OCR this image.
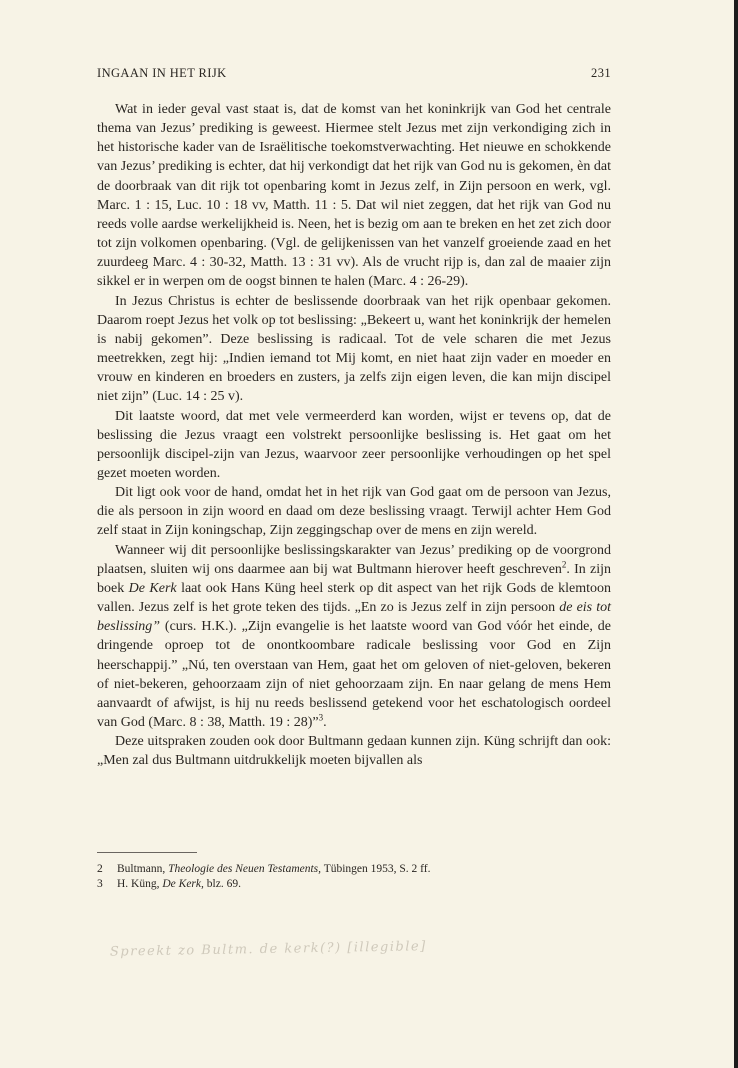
INGAAN IN HET RIJK	231

Wat in ieder geval vast staat is, dat de komst van het koninkrijk van God het centrale thema van Jezus’ prediking is geweest. Hiermee stelt Jezus met zijn verkondiging zich in het historische kader van de Israëlitische toekomstverwachting. Het nieuwe en schokkende van Jezus’ prediking is echter, dat hij verkondigt dat het rijk van God nu is gekomen, èn dat de doorbraak van dit rijk tot openbaring komt in Jezus zelf, in Zijn persoon en werk, vgl. Marc. 1 : 15, Luc. 10 : 18 vv, Matth. 11 : 5. Dat wil niet zeggen, dat het rijk van God nu reeds volle aardse werkelijkheid is. Neen, het is bezig om aan te breken en het zet zich door tot zijn volkomen openbaring. (Vgl. de gelijkenissen van het vanzelf groeiende zaad en het zuurdeeg Marc. 4 : 30-32, Matth. 13 : 31 vv). Als de vrucht rijp is, dan zal de maaier zijn sikkel er in werpen om de oogst binnen te halen (Marc. 4 : 26-29).

In Jezus Christus is echter de beslissende doorbraak van het rijk openbaar gekomen. Daarom roept Jezus het volk op tot beslissing: „Bekeert u, want het koninkrijk der hemelen is nabij gekomen”. Deze beslissing is radicaal. Tot de vele scharen die met Jezus meetrekken, zegt hij: „Indien iemand tot Mij komt, en niet haat zijn vader en moeder en vrouw en kinderen en broeders en zusters, ja zelfs zijn eigen leven, die kan mijn discipel niet zijn” (Luc. 14 : 25 v).

Dit laatste woord, dat met vele vermeerderd kan worden, wijst er tevens op, dat de beslissing die Jezus vraagt een volstrekt persoonlijke beslissing is. Het gaat om het persoonlijk discipel-zijn van Jezus, waarvoor zeer persoonlijke verhoudingen op het spel gezet moeten worden.

Dit ligt ook voor de hand, omdat het in het rijk van God gaat om de persoon van Jezus, die als persoon in zijn woord en daad om deze beslissing vraagt. Terwijl achter Hem God zelf staat in Zijn koningschap, Zijn zeggingschap over de mens en zijn wereld.

Wanneer wij dit persoonlijke beslissingskarakter van Jezus’ prediking op de voorgrond plaatsen, sluiten wij ons daarmee aan bij wat Bultmann hierover heeft geschreven$^2$. In zijn boek De Kerk laat ook Hans Küng heel sterk op dit aspect van het rijk Gods de klemtoon vallen. Jezus zelf is het grote teken des tijds. „En zo is Jezus zelf in zijn persoon de eis tot beslissing” (curs. H.K.). „Zijn evangelie is het laatste woord van God vóór het einde, de dringende oproep tot de onontkoombare radicale beslissing voor God en Zijn heerschappij.” „Nú, ten overstaan van Hem, gaat het om geloven of niet-geloven, bekeren of niet-bekeren, gehoorzaam zijn of niet gehoorzaam zijn. En naar gelang de mens Hem aanvaardt of afwijst, is hij nu reeds beslissend getekend voor het eschatologisch oordeel van God (Marc. 8 : 38, Matth. 19 : 28)”$^3$.

Deze uitspraken zouden ook door Bultmann gedaan kunnen zijn. Küng schrijft dan ook: „Men zal dus Bultmann uitdrukkelijk moeten bijvallen als

2 Bultmann, Theologie des Neuen Testaments, Tübingen 1953, S. 2 ff.
3 H. Küng, De Kerk, blz. 69.
Spreekt zo Bultm. de kerk(?) [illegible]
